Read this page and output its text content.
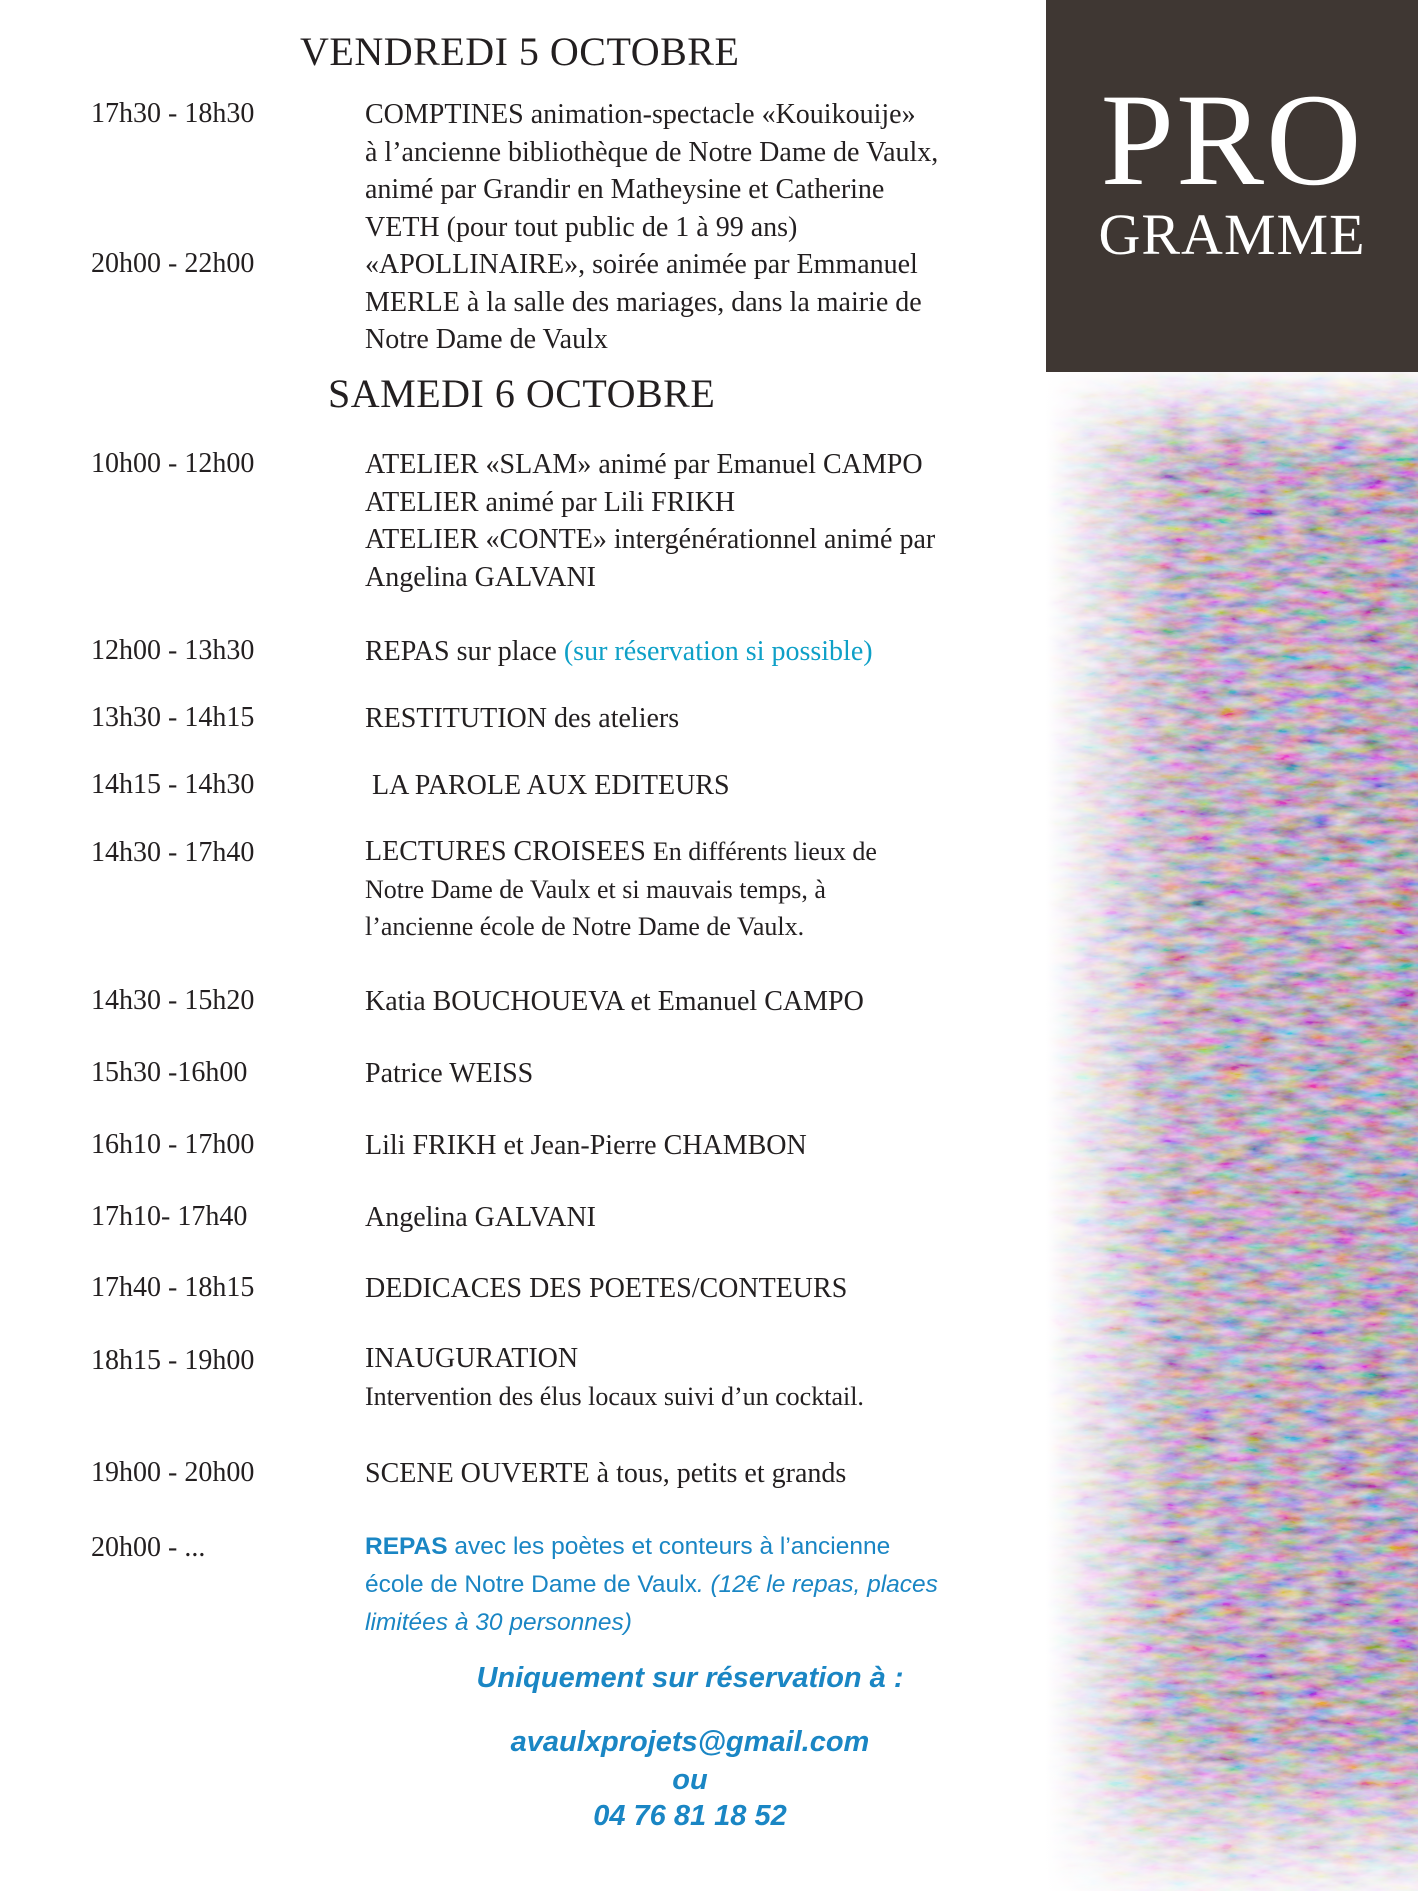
PRO
GRAMME
VENDREDI 5 OCTOBRE
17h30 - 18h30	COMPTINES animation-spectacle «Kouikouije»
à l’ancienne bibliothèque de Notre Dame de Vaulx,
animé par Grandir en Matheysine et Catherine
VETH (pour tout public de 1 à 99 ans)
20h00 - 22h00	«APOLLINAIRE», soirée animée par Emmanuel
MERLE à la salle des mariages, dans la mairie de
Notre Dame de Vaulx
SAMEDI 6 OCTOBRE
10h00 - 12h00	ATELIER «SLAM» animé par Emanuel CAMPO
ATELIER animé par Lili FRIKH
ATELIER «CONTE» intergénérationnel animé par
Angelina GALVANI
12h00 - 13h30	REPAS sur place (sur réservation si possible)
13h30 - 14h15	RESTITUTION des ateliers
14h15 - 14h30	LA PAROLE AUX EDITEURS
14h30 - 17h40	LECTURES CROISEES En différents lieux de
Notre Dame de Vaulx et si mauvais temps, à
l’ancienne école de Notre Dame de Vaulx.
14h30 - 15h20	Katia BOUCHOUEVA et Emanuel CAMPO
15h30 -16h00	Patrice WEISS
16h10 - 17h00	Lili FRIKH et Jean-Pierre CHAMBON
17h10- 17h40	Angelina GALVANI
17h40 - 18h15	DEDICACES DES POETES/CONTEURS
18h15 - 19h00	INAUGURATION
Intervention des élus locaux suivi d’un cocktail.
19h00 - 20h00	SCENE OUVERTE à tous, petits et grands
20h00 - ...	REPAS avec les poètes et conteurs à l’ancienne
école de Notre Dame de Vaulx. (12€ le repas, places
limitées à 30 personnes)
Uniquement sur réservation à :
avaulxprojets@gmail.com
ou
04 76 81 18 52
